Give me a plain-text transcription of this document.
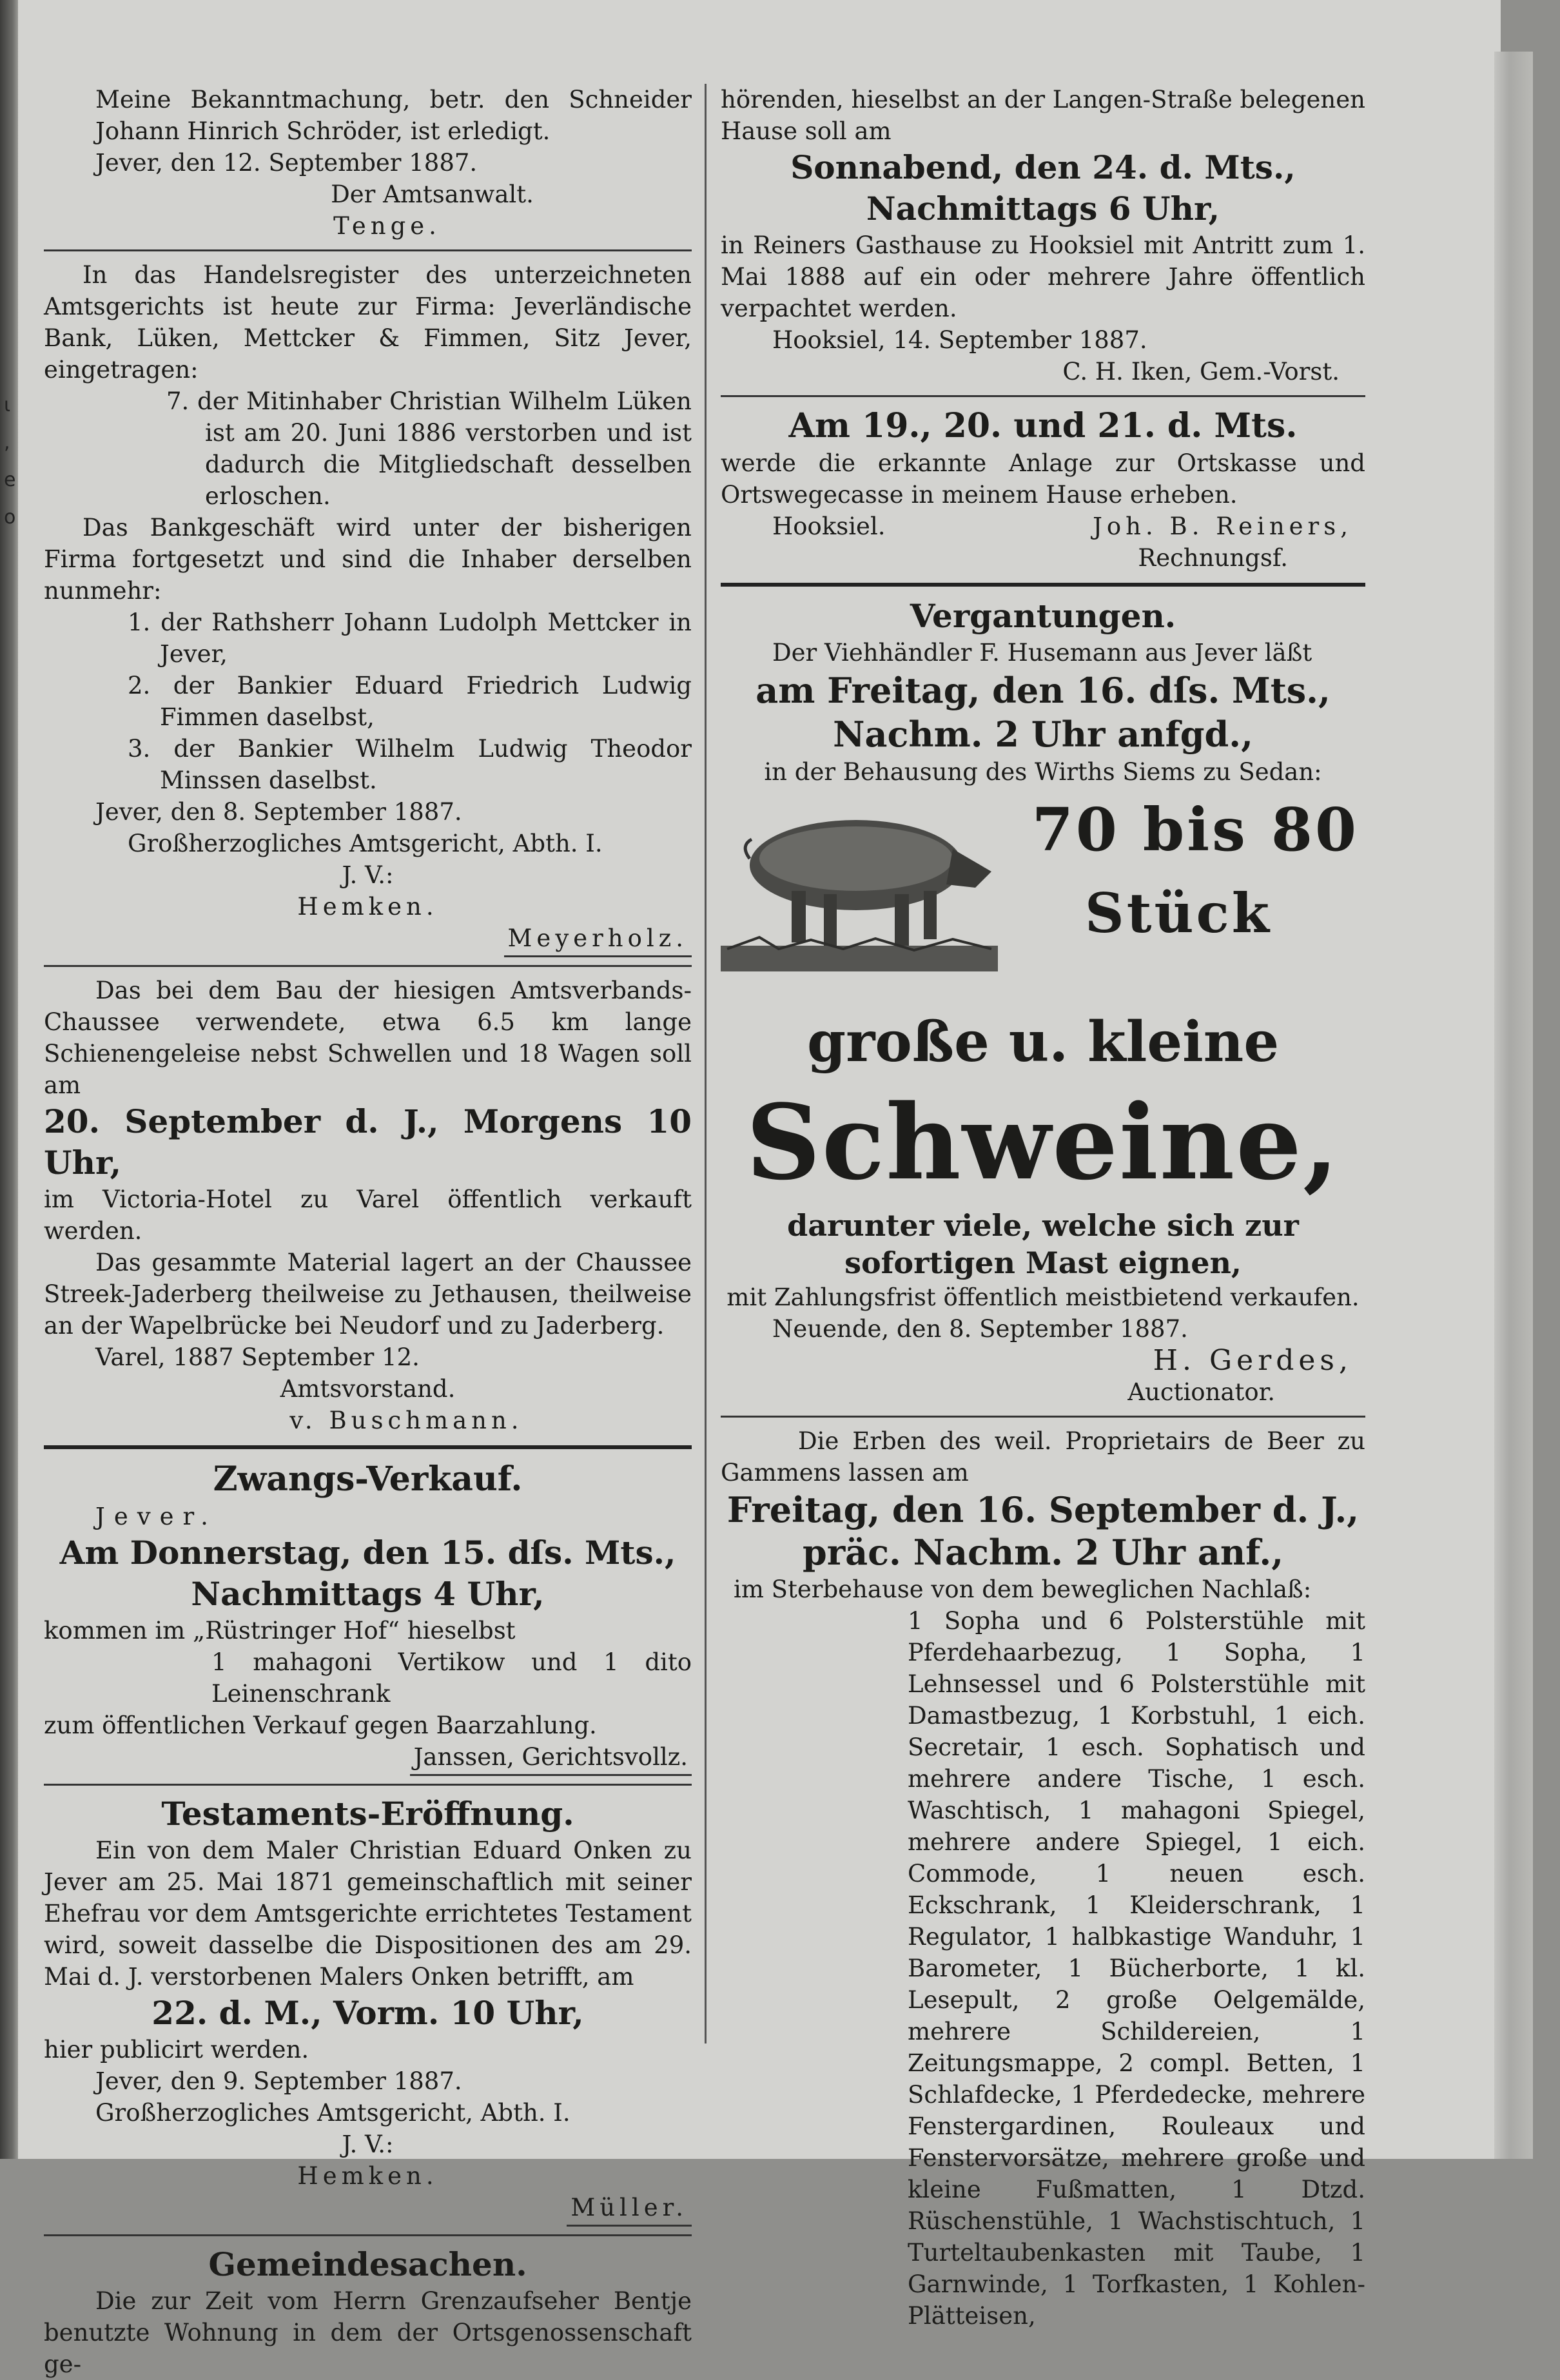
ι
,
e
o

Meine Bekanntmachung, betr. den Schneider Johann Hinrich Schröder, ist erledigt.

Jever, den 12. September 1887.

Der Amtsanwalt.

Tenge.

In das Handelsregister des unterzeichneten Amtsgerichts ist heute zur Firma: Jeverländische Bank, Lüken, Mettcker & Fimmen, Sitz Jever, eingetragen:

7. der Mitinhaber Christian Wilhelm Lüken ist am 20. Juni 1886 verstorben und ist dadurch die Mitgliedschaft desselben erloschen.

Das Bankgeschäft wird unter der bisherigen Firma fortgesetzt und sind die Inhaber derselben nunmehr:

1. der Rathsherr Johann Ludolph Mettcker in Jever,

2. der Bankier Eduard Friedrich Ludwig Fimmen daselbst,

3. der Bankier Wilhelm Ludwig Theodor Minssen daselbst.

Jever, den 8. September 1887.

Großherzogliches Amtsgericht, Abth. I.

J. V.:

Hemken.

Meyerholz.

Das bei dem Bau der hiesigen Amtsverbands-Chaussee verwendete, etwa 6.5 km lange Schienengeleise nebst Schwellen und 18 Wagen soll am

20. September d. J., Morgens 10 Uhr,

im Victoria-Hotel zu Varel öffentlich verkauft werden.

Das gesammte Material lagert an der Chaussee Streek-Jaderberg theilweise zu Jethausen, theilweise an der Wapelbrücke bei Neudorf und zu Jaderberg.

Varel, 1887 September 12.

Amtsvorstand.

v. Buschmann.

Zwangs-Verkauf.

Jever.

Am Donnerstag, den 15. dſs. Mts.,

Nachmittags 4 Uhr,

kommen im „Rüstringer Hof“ hieselbst

1 mahagoni Vertikow und 1 dito Leinenschrank

zum öffentlichen Verkauf gegen Baarzahlung.

Janssen, Gerichtsvollz.

Testaments-Eröffnung.

Ein von dem Maler Christian Eduard Onken zu Jever am 25. Mai 1871 gemeinschaftlich mit seiner Ehefrau vor dem Amtsgerichte errichtetes Testament wird, soweit dasselbe die Dispositionen des am 29. Mai d. J. verstorbenen Malers Onken betrifft, am

22. d. M., Vorm. 10 Uhr,

hier publicirt werden.

Jever, den 9. September 1887.

Großherzogliches Amtsgericht, Abth. I.

J. V.:

Hemken.

Müller.

Gemeindesachen.

Die zur Zeit vom Herrn Grenzaufseher Bentje benutzte Wohnung in dem der Ortsgenossenschaft ge-

hörenden, hieselbst an der Langen-Straße belegenen Hause soll am

Sonnabend, den 24. d. Mts.,

Nachmittags 6 Uhr,

in Reiners Gasthause zu Hooksiel mit Antritt zum 1. Mai 1888 auf ein oder mehrere Jahre öffentlich verpachtet werden.

Hooksiel, 14. September 1887.

C. H. Iken, Gem.-Vorst.

Am 19., 20. und 21. d. Mts.

werde die erkannte Anlage zur Ortskasse und Ortswegecasse in meinem Hause erheben.

Hooksiel.	Joh. B. Reiners,

Rechnungsf.

Vergantungen.

Der Viehhändler F. Husemann aus Jever läßt

am Freitag, den 16. dſs. Mts.,

Nachm. 2 Uhr anfgd.,

in der Behausung des Wirths Siems zu Sedan:

70 bis 80
Stück

große u. kleine

Schweine,

darunter viele, welche sich zur sofortigen Mast eignen,

mit Zahlungsfrist öffentlich meistbietend verkaufen.

Neuende, den 8. September 1887.

H. Gerdes,

Auctionator.

Die Erben des weil. Proprietairs de Beer zu Gammens lassen am

Freitag, den 16. September d. J.,

präc. Nachm. 2 Uhr anf.,

im Sterbehause von dem beweglichen Nachlaß:

1 Sopha und 6 Polsterstühle mit Pferdehaarbezug, 1 Sopha, 1 Lehnsessel und 6 Polsterstühle mit Damastbezug, 1 Korbstuhl, 1 eich. Secretair, 1 esch. Sophatisch und mehrere andere Tische, 1 esch. Waschtisch, 1 mahagoni Spiegel, mehrere andere Spiegel, 1 eich. Commode, 1 neuen esch. Eckschrank, 1 Kleiderschrank, 1 Regulator, 1 halbkastige Wanduhr, 1 Barometer, 1 Bücherborte, 1 kl. Lesepult, 2 große Oelgemälde, mehrere Schildereien, 1 Zeitungsmappe, 2 compl. Betten, 1 Schlafdecke, 1 Pferdedecke, mehrere Fenstergardinen, Rouleaux und Fenstervorsätze, mehrere große und kleine Fußmatten, 1 Dtzd. Rüschenstühle, 1 Wachstischtuch, 1 Turteltaubenkasten mit Taube, 1 Garnwinde, 1 Torfkasten, 1 Kohlen-Plätteisen,
